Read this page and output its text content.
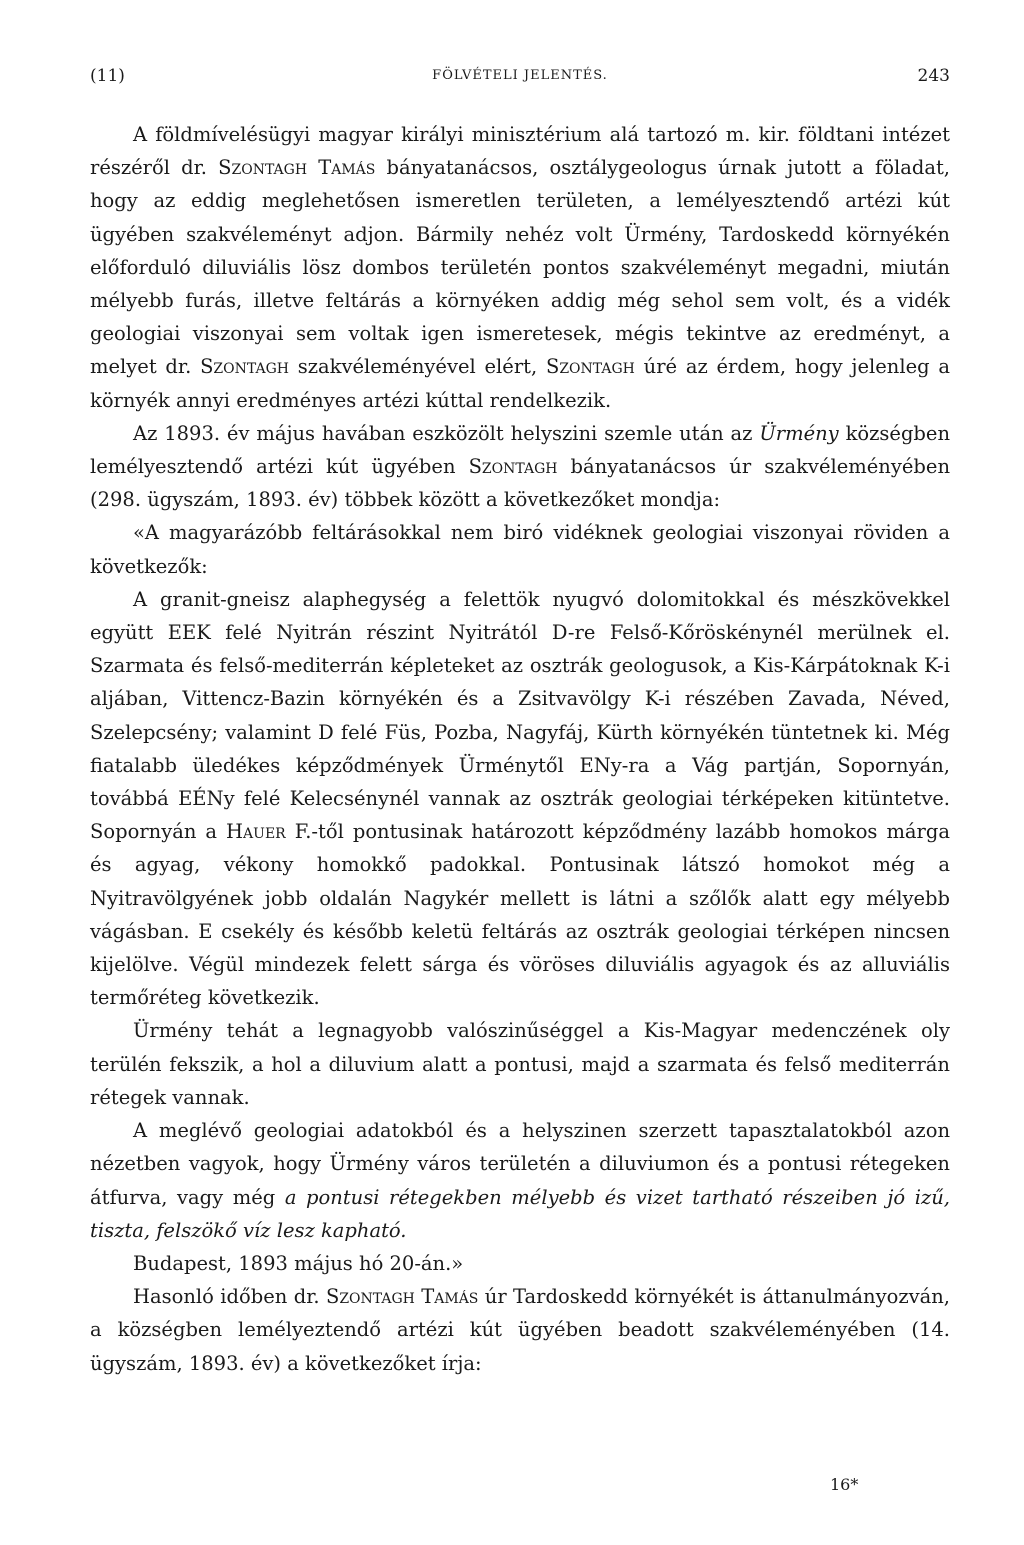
(11)	FÖLVÉTELI JELENTÉS.	243

A földmívelésügyi magyar királyi minisztérium alá tartozó m. kir. földtani intézet részéről dr. Szontagh Tamás bányatanácsos, osztálygeologus úrnak jutott a föladat, hogy az eddig meglehetősen ismeretlen területen, a lemélyesztendő artézi kút ügyében szakvéleményt adjon. Bármily nehéz volt Ürmény, Tardoskedd környékén előforduló diluviális lösz dombos területén pontos szakvéleményt megadni, miután mélyebb furás, illetve feltárás a környéken addig még sehol sem volt, és a vidék geologiai viszonyai sem voltak igen ismeretesek, mégis tekintve az eredményt, a melyet dr. Szontagh szakvéleményével elért, Szontagh úré az érdem, hogy jelenleg a környék annyi eredményes artézi kúttal rendelkezik.

Az 1893. év május havában eszközölt helyszini szemle után az Ürmény községben lemélyesztendő artézi kút ügyében Szontagh bányatanácsos úr szakvéleményében (298. ügyszám, 1893. év) többek között a következőket mondja:

«A magyarázóbb feltárásokkal nem biró vidéknek geologiai viszonyai röviden a következők:

A granit-gneisz alaphegység a felettök nyugvó dolomitokkal és mészkövekkel együtt EEK felé Nyitrán részint Nyitrától D-re Felső-Kőröskénynél merülnek el. Szarmata és felső-mediterrán képleteket az osztrák geologusok, a Kis-Kárpátoknak K-i aljában, Vittencz-Bazin környékén és a Zsitvavölgy K-i részében Zavada, Néved, Szelepcsény; valamint D felé Füs, Pozba, Nagyfáj, Kürth környékén tüntetnek ki. Még fiatalabb üledékes képződmények Ürménytől ENy-ra a Vág partján, Sopornyán, továbbá EÉNy felé Kelecsénynél vannak az osztrák geologiai térképeken kitüntetve. Sopornyán a Hauer F.-től pontusinak határozott képződmény lazább homokos márga és agyag, vékony homokkő padokkal. Pontusinak látszó homokot még a Nyitravölgyének jobb oldalán Nagykér mellett is látni a szőlők alatt egy mélyebb vágásban. E csekély és később keletü feltárás az osztrák geologiai térképen nincsen kijelölve. Végül mindezek felett sárga és vöröses diluviális agyagok és az alluviális termőréteg következik.

Ürmény tehát a legnagyobb valószinűséggel a Kis-Magyar medenczének oly terülén fekszik, a hol a diluvium alatt a pontusi, majd a szarmata és felső mediterrán rétegek vannak.

A meglévő geologiai adatokból és a helyszinen szerzett tapasztalatokból azon nézetben vagyok, hogy Ürmény város területén a diluviumon és a pontusi rétegeken átfurva, vagy még a pontusi rétegekben mélyebb és vizet tartható részeiben jó izű, tiszta, felszökő víz lesz kapható.

Budapest, 1893 május hó 20-án.»

Hasonló időben dr. Szontagh Tamás úr Tardoskedd környékét is áttanulmányozván, a községben lemélyeztendő artézi kút ügyében beadott szakvéleményében (14. ügyszám, 1893. év) a következőket írja:

16*
